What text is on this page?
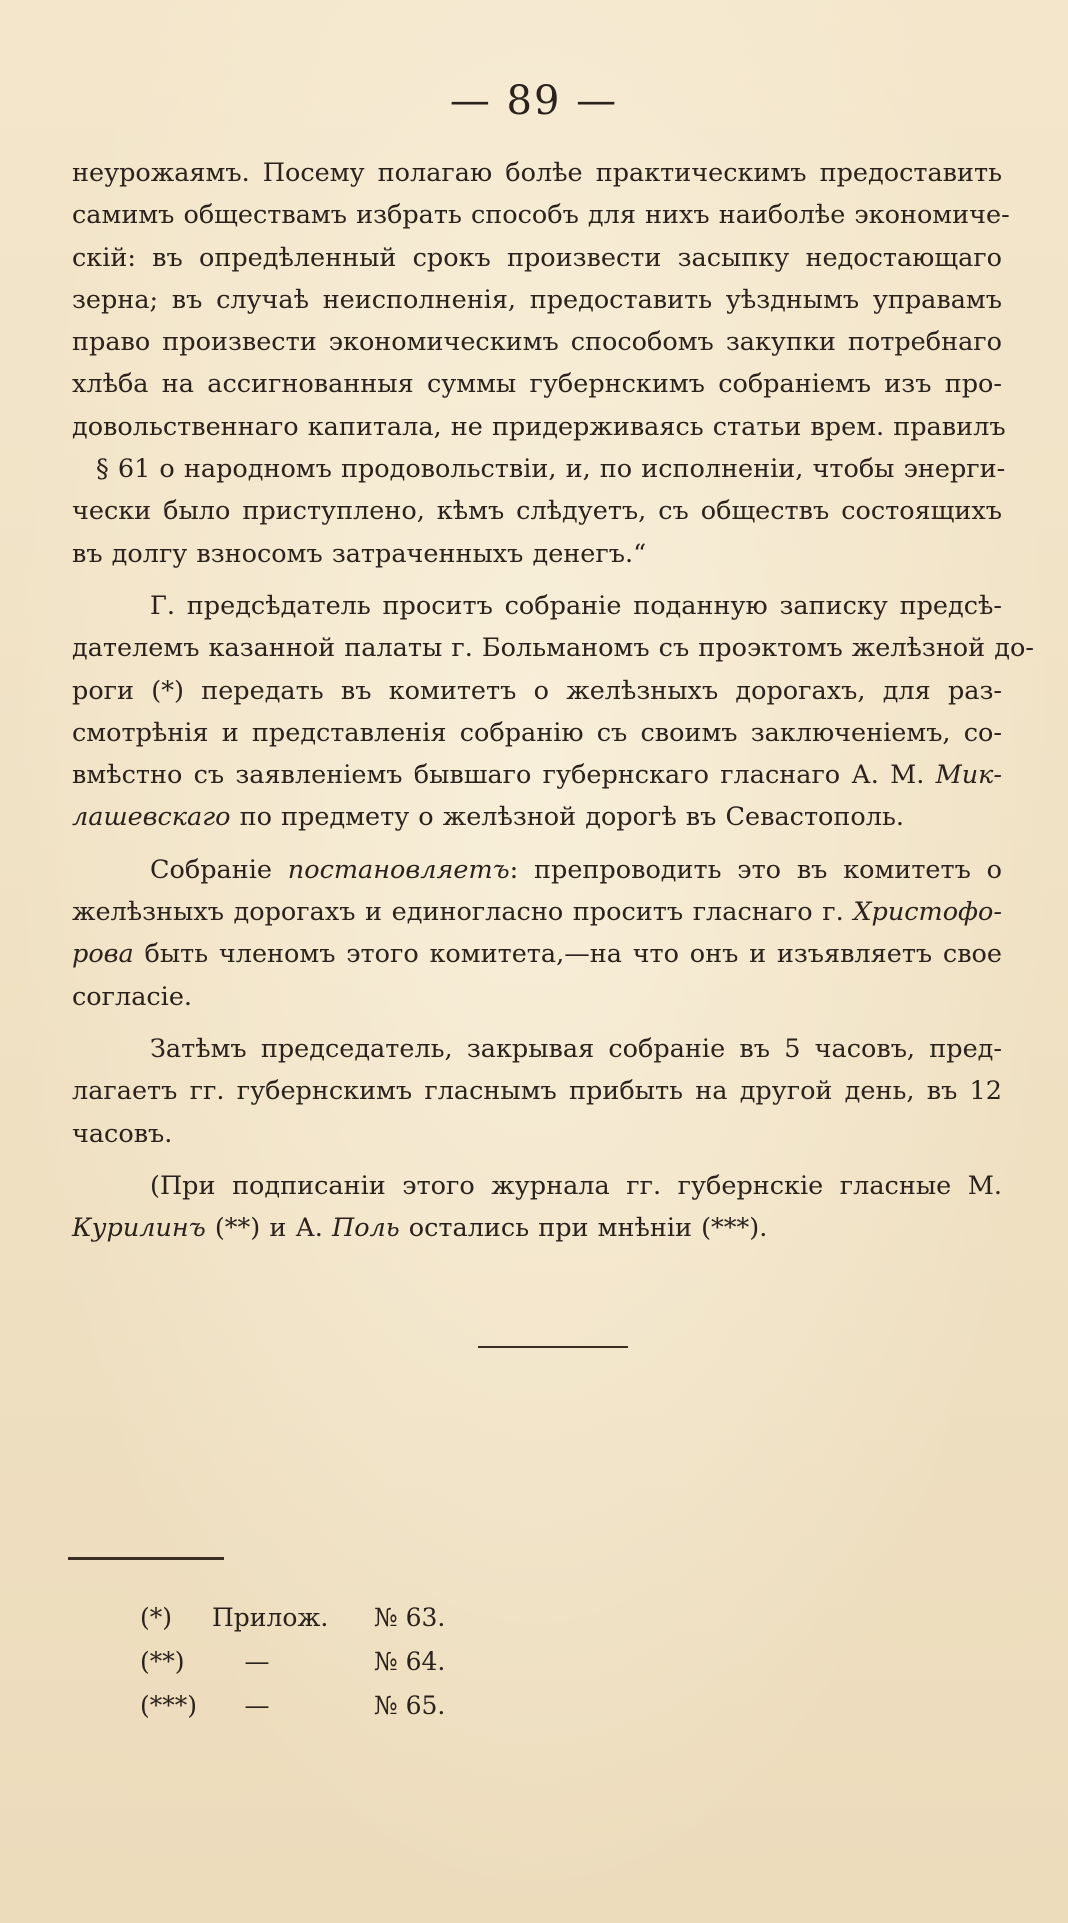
— 89 —
неурожаямъ. Посему полагаю болѣе практическимъ предоставить
самимъ обществамъ избрать способъ для нихъ наиболѣе экономиче-
скій: въ опредѣленный срокъ произвести засыпку недостающаго
зерна; въ случаѣ неисполненія, предоставить уѣзднымъ управамъ
право произвести экономическимъ способомъ закупки потребнаго
хлѣба на ассигнованныя суммы губернскимъ собраніемъ изъ про-
довольственнаго капитала, не придерживаясь статьи врем. правилъ
§ 61 о народномъ продовольствіи, и, по исполненіи, чтобы энерги-
чески было приступлено, кѣмъ слѣдуетъ, съ обществъ состоящихъ
въ долгу взносомъ затраченныхъ денегъ.“
Г. предсѣдатель проситъ собраніе поданную записку предсѣ-
дателемъ казанной палаты г. Больманомъ съ проэктомъ желѣзной до-
роги (*) передать въ комитетъ о желѣзныхъ дорогахъ, для раз-
смотрѣнія и представленія собранію съ своимъ заключеніемъ, со-
вмѣстно съ заявленіемъ бывшаго губернскаго гласнаго А. М. Мик-
лашевскаго по предмету о желѣзной дорогѣ въ Севастополь.
Собраніе постановляетъ: препроводить это въ комитетъ о
желѣзныхъ дорогахъ и единогласно проситъ гласнаго г. Христофо-
рова быть членомъ этого комитета,—на что онъ и изъявляетъ свое
согласіе.
Затѣмъ председатель, закрывая собраніе въ 5 часовъ, пред-
лагаетъ гг. губернскимъ гласнымъ прибыть на другой день, въ 12
часовъ.
(При подписаніи этого журнала гг. губернскіе гласные М.
Курилинъ (**) и А. Поль остались при мнѣніи (***).
(*)	Прилож.	№ 63.
(**)	—	№ 64.
(***)	—	№ 65.
